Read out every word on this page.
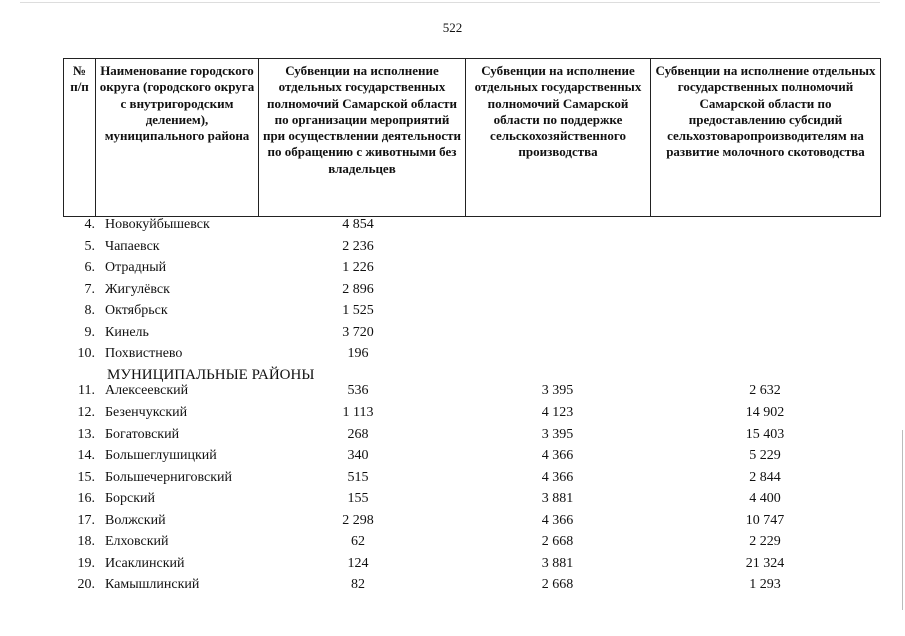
522
№ п/п	Наименование городского округа (городского округа с внутригородским делением), муниципального района	Субвенции на исполнение отдельных государственных полномочий Самарской области по организации мероприятий при осуществлении деятельности по обращению с животными без владельцев	Субвенции на исполнение отдельных государственных полномочий Самарской области по поддержке сельскохозяйственного производства	Субвенции на исполнение отдельных государственных полномочий Самарской области по предоставлению субсидий сельхозтоваропроизводителям на развитие молочного скотоводства
МУНИЦИПАЛЬНЫЕ РАЙОНЫ
4. Новокуйбышевск	4 854
5. Чапаевск	2 236
6. Отрадный	1 226
7. Жигулёвск	2 896
8. Октябрьск	1 525
9. Кинель	3 720
10. Похвистнево	196
11. Алексеевский	536	3 395	2 632
12. Безенчукский	1 113	4 123	14 902
13. Богатовский	268	3 395	15 403
14. Большеглушицкий	340	4 366	5 229
15. Большечерниговский	515	4 366	2 844
16. Борский	155	3 881	4 400
17. Волжский	2 298	4 366	10 747
18. Елховский	62	2 668	2 229
19. Исаклинский	124	3 881	21 324
20. Камышлинский	82	2 668	1 293
